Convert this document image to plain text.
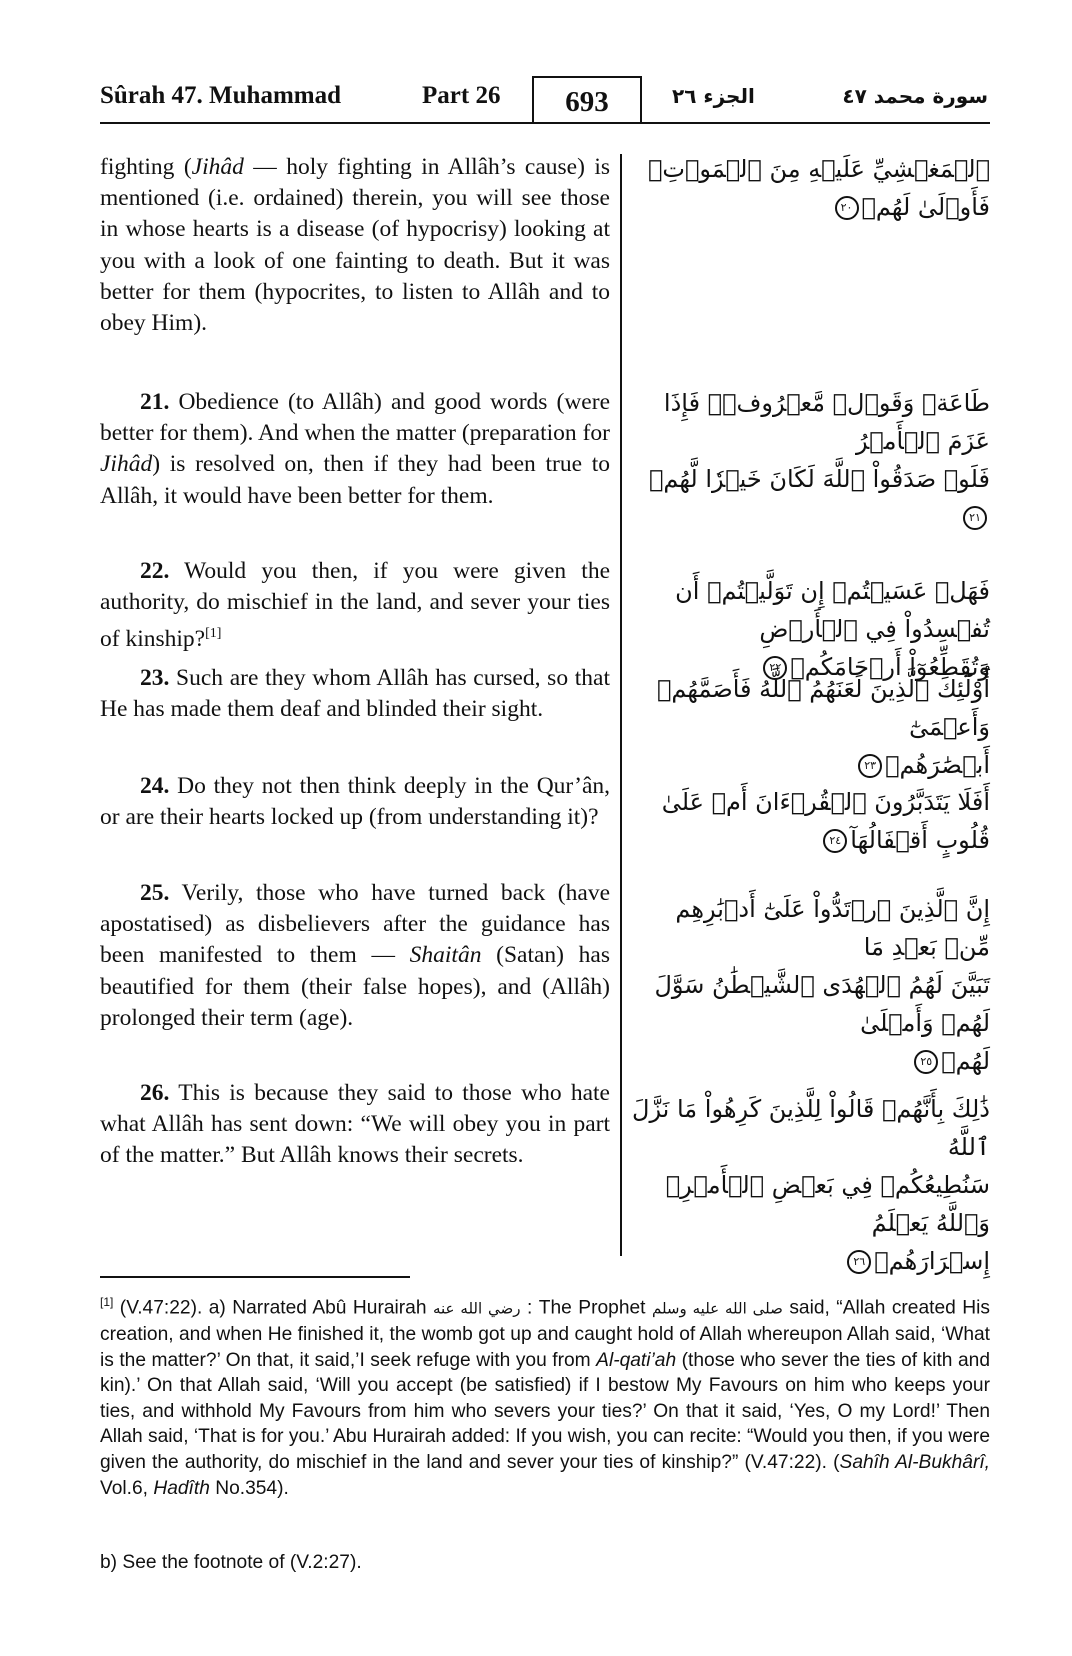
Sûrah 47. Muhammad	Part 26	693	الجزء ٢٦	سورة محمد ٤٧

fighting (Jihâd — holy fighting in Allâh’s cause) is mentioned (i.e. ordained) therein, you will see those in whose hearts is a disease (of hypocrisy) looking at you with a look of one fainting to death. But it was better for them (hypocrites, to listen to Allâh and to obey Him).

21. Obedience (to Allâh) and good words (were better for them). And when the matter (preparation for Jihâd) is resolved on, then if they had been true to Allâh, it would have been better for them.

22. Would you then, if you were given the authority, do mischief in the land, and sever your ties of kinship?[1]

23. Such are they whom Allâh has cursed, so that He has made them deaf and blinded their sight.

24. Do they not then think deeply in the Qur’ân, or are their hearts locked up (from understanding it)?

25. Verily, those who have turned back (have apostatised) as disbelievers after the guidance has been manifested to them — Shaitân (Satan) has beautified for them (their false hopes), and (Allâh) prolonged their term (age).

26. This is because they said to those who hate what Allâh has sent down: “We will obey you in part of the matter.” But Allâh knows their secrets.

ٱلۡمَغۡشِيِّ عَلَيۡهِ مِنَ ٱلۡمَوۡتِۖ فَأَوۡلَىٰ لَهُمۡ٢٠
طَاعَةٞ وَقَوۡلٞ مَّعۡرُوفٞۚ فَإِذَا عَزَمَ ٱلۡأَمۡرُ
فَلَوۡ صَدَقُواْ ٱللَّهَ لَكَانَ خَيۡرٗا لَّهُمۡ٢١
فَهَلۡ عَسَيۡتُمۡ إِن تَوَلَّيۡتُمۡ أَن تُفۡسِدُواْ فِي ٱلۡأَرۡضِ
وَتُقَطِّعُوٓاْ أَرۡحَامَكُمۡ٢٢
أُوْلَٰٓئِكَ ٱلَّذِينَ لَعَنَهُمُ ٱللَّهُ فَأَصَمَّهُمۡ وَأَعۡمَىٰٓ
أَبۡصَٰرَهُمۡ٢٣
أَفَلَا يَتَدَبَّرُونَ ٱلۡقُرۡءَانَ أَمۡ عَلَىٰ قُلُوبٍ أَقۡفَالُهَآ٢٤
إِنَّ ٱلَّذِينَ ٱرۡتَدُّواْ عَلَىٰٓ أَدۡبَٰرِهِم مِّنۢ بَعۡدِ مَا
تَبَيَّنَ لَهُمُ ٱلۡهُدَى ٱلشَّيۡطَٰنُ سَوَّلَ لَهُمۡ وَأَمۡلَىٰ
لَهُمۡ٢٥
ذَٰلِكَ بِأَنَّهُمۡ قَالُواْ لِلَّذِينَ كَرِهُواْ مَا نَزَّلَ ٱللَّهُ
سَنُطِيعُكُمۡ فِي بَعۡضِ ٱلۡأَمۡرِۖ وَٱللَّهُ يَعۡلَمُ
إِسۡرَارَهُمۡ٢٦

[1] (V.47:22). a) Narrated Abû Hurairah رضي الله عنه : The Prophet صلى الله عليه وسلم said, “Allah created His creation, and when He finished it, the womb got up and caught hold of Allah whereupon Allah said, ‘What is the matter?’ On that, it said,’I seek refuge with you from Al-qati’ah (those who sever the ties of kith and kin).’ On that Allah said, ‘Will you accept (be satisfied) if I bestow My Favours on him who keeps your ties, and withhold My Favours from him who severs your ties?’ On that it said, ‘Yes, O my Lord!’ Then Allah said, ‘That is for you.’ Abu Hurairah added: If you wish, you can recite: “Would you then, if you were given the authority, do mischief in the land and sever your ties of kinship?” (V.47:22). (Sahîh Al-Bukhârî, Vol.6, Hadîth No.354).

b) See the footnote of (V.2:27).
